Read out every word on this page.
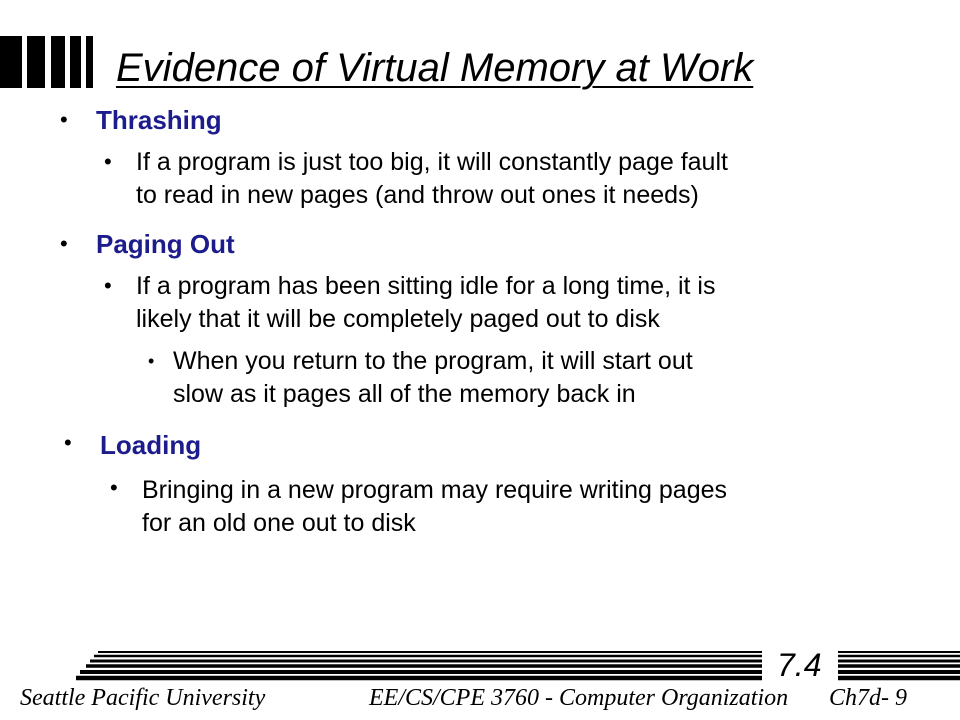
Evidence of Virtual Memory at Work
• Thrashing
• If a program is just too big, it will constantly page fault
to read in new pages (and throw out ones it needs)
• Paging Out
• If a program has been sitting idle for a long time, it is
likely that it will be completely paged out to disk
• When you return to the program, it will start out
slow as it pages all of the memory back in
• Loading
• Bringing in a new program may require writing pages
for an old one out to disk
7.4
Seattle Pacific University	EE/CS/CPE 3760 - Computer Organization Ch7d- 9
